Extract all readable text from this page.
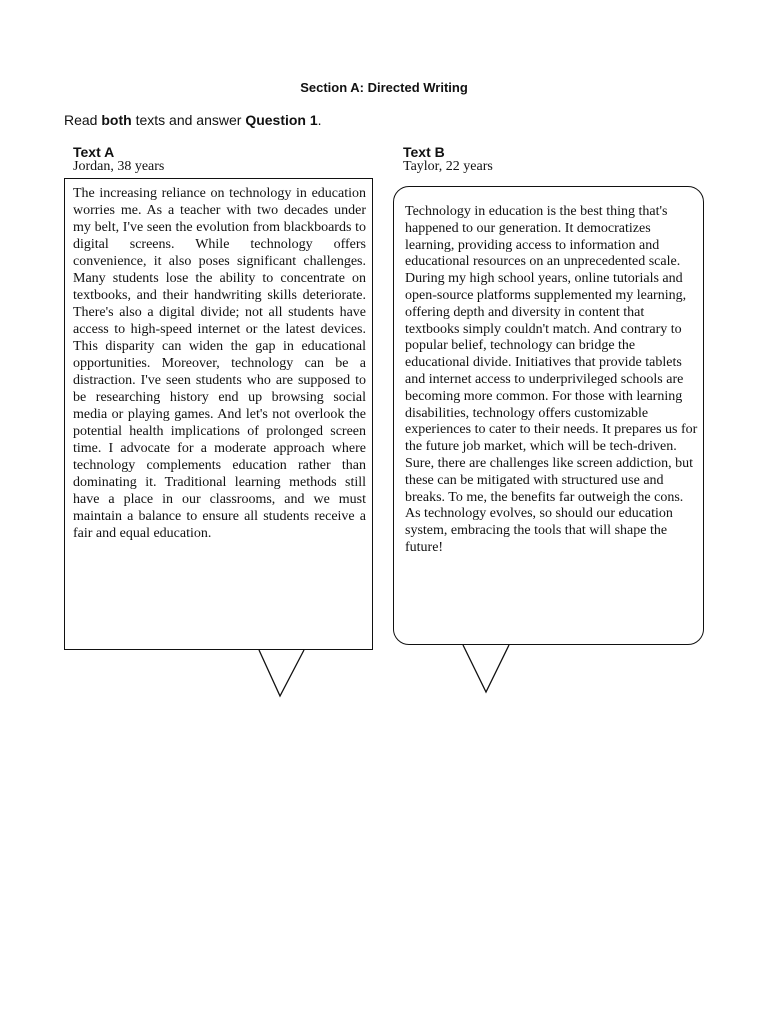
Section A: Directed Writing
Read both texts and answer Question 1.
Text A
Jordan, 38 years
Text B
Taylor, 22 years
The increasing reliance on technology in education worries me. As a teacher with two decades under my belt, I've seen the evolution from blackboards to digital screens. While technology offers convenience, it also poses significant challenges. Many students lose the ability to concentrate on textbooks, and their handwriting skills deteriorate. There's also a digital divide; not all students have access to high-speed internet or the latest devices. This disparity can widen the gap in educational opportunities. Moreover, technology can be a distraction. I've seen students who are supposed to be researching history end up browsing social media or playing games. And let's not overlook the potential health implications of prolonged screen time. I advocate for a moderate approach where technology complements education rather than dominating it. Traditional learning methods still have a place in our classrooms, and we must maintain a balance to ensure all students receive a fair and equal education.
Technology in education is the best thing that's happened to our generation. It democratizes learning, providing access to information and educational resources on an unprecedented scale. During my high school years, online tutorials and open-source platforms supplemented my learning, offering depth and diversity in content that textbooks simply couldn't match. And contrary to popular belief, technology can bridge the educational divide. Initiatives that provide tablets and internet access to underprivileged schools are becoming more common. For those with learning disabilities, technology offers customizable experiences to cater to their needs. It prepares us for the future job market, which will be tech-driven. Sure, there are challenges like screen addiction, but these can be mitigated with structured use and breaks. To me, the benefits far outweigh the cons. As technology evolves, so should our education system, embracing the tools that will shape the future!
